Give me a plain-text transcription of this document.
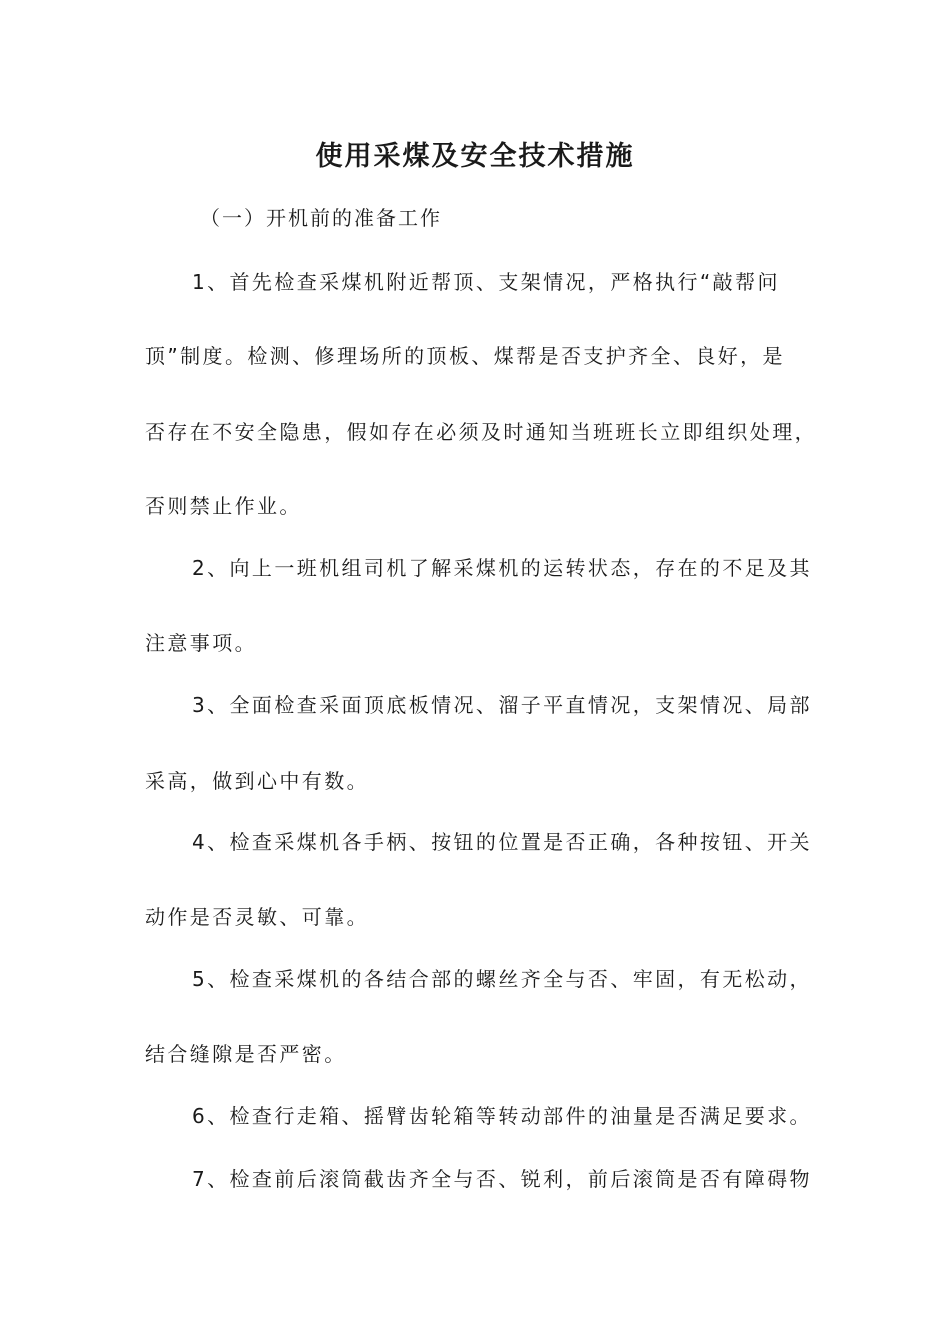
使用采煤及安全技术措施
（一）开机前的准备工作
1、首先检查采煤机附近帮顶、支架情况，严格执行“敲帮问
顶”制度。检测、修理场所的顶板、煤帮是否支护齐全、良好，是
否存在不安全隐患，假如存在必须及时通知当班班长立即组织处理，
否则禁止作业。
2、向上一班机组司机了解采煤机的运转状态，存在的不足及其
注意事项。
3、全面检查采面顶底板情况、溜子平直情况，支架情况、局部
采高，做到心中有数。
4、检查采煤机各手柄、按钮的位置是否正确，各种按钮、开关
动作是否灵敏、可靠。
5、检查采煤机的各结合部的螺丝齐全与否、牢固，有无松动，
结合缝隙是否严密。
6、检查行走箱、摇臂齿轮箱等转动部件的油量是否满足要求。
7、检查前后滚筒截齿齐全与否、锐利，前后滚筒是否有障碍物
